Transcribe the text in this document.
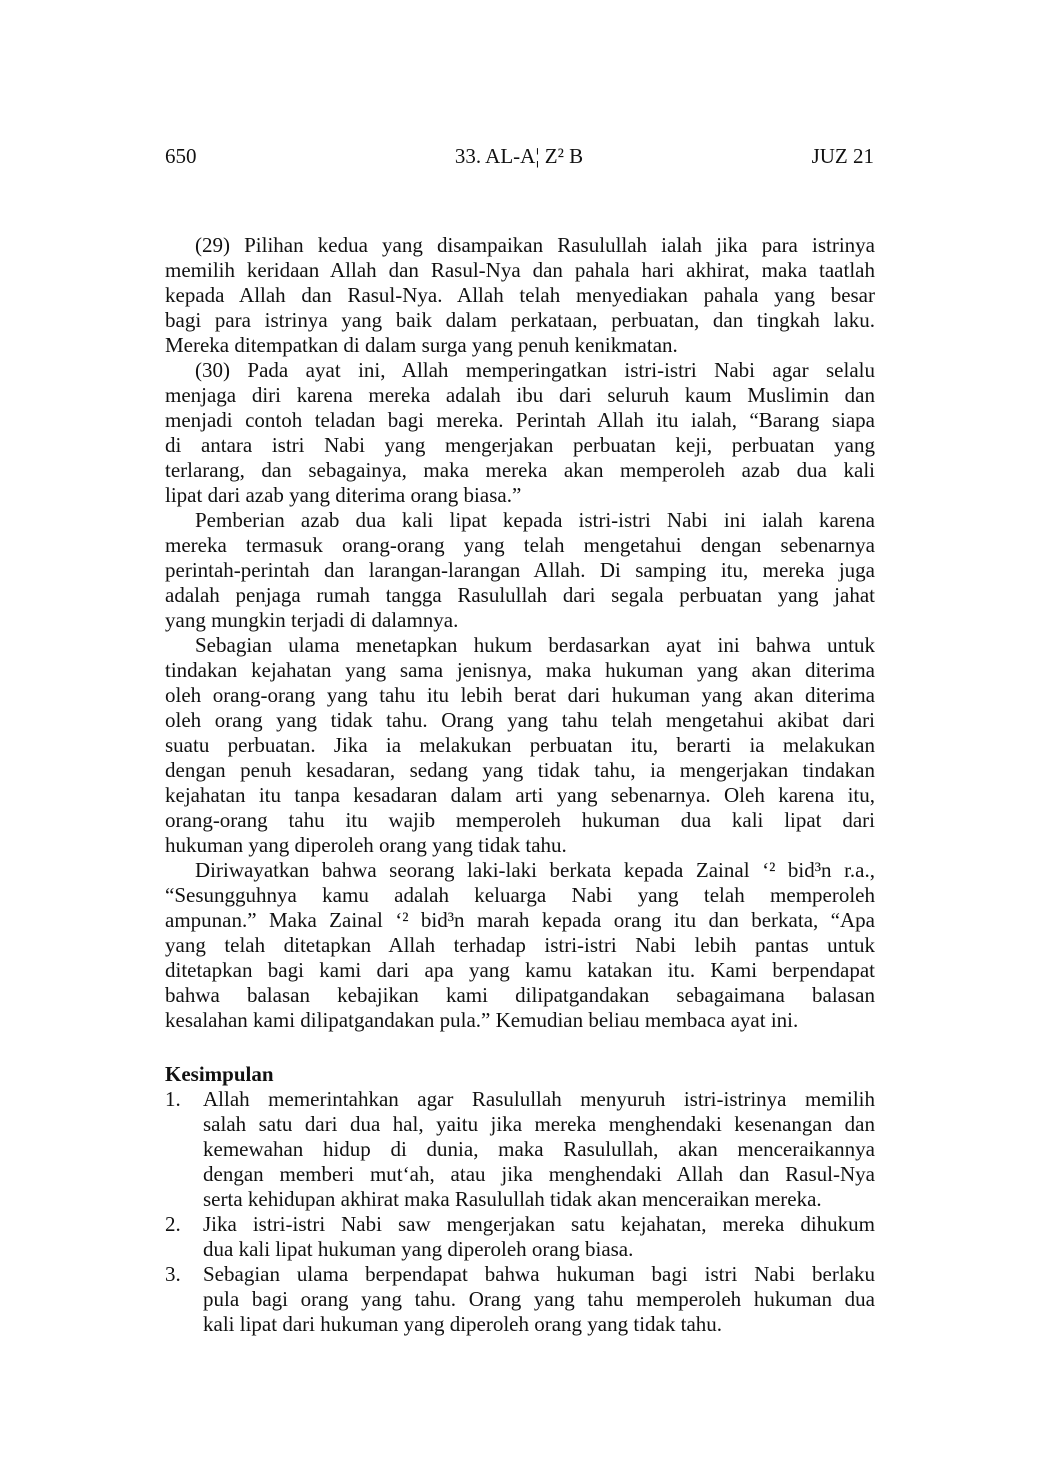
650	33. AL-A¦ Z² B	JUZ 21
(29) Pilihan kedua yang disampaikan Rasulullah ialah jika para istrinya
memilih keridaan Allah dan Rasul-Nya dan pahala hari akhirat, maka taatlah
kepada Allah dan Rasul-Nya. Allah telah menyediakan pahala yang besar
bagi para istrinya yang baik dalam perkataan, perbuatan, dan tingkah laku.
Mereka ditempatkan di dalam surga yang penuh kenikmatan.
(30) Pada ayat ini, Allah memperingatkan istri-istri Nabi agar selalu
menjaga diri karena mereka adalah ibu dari seluruh kaum Muslimin dan
menjadi contoh teladan bagi mereka. Perintah Allah itu ialah, “Barang siapa
di antara istri Nabi yang mengerjakan perbuatan keji, perbuatan yang
terlarang, dan sebagainya, maka mereka akan memperoleh azab dua kali
lipat dari azab yang diterima orang biasa.”
Pemberian azab dua kali lipat kepada istri-istri Nabi ini ialah karena
mereka termasuk orang-orang yang telah mengetahui dengan sebenarnya
perintah-perintah dan larangan-larangan Allah. Di samping itu, mereka juga
adalah penjaga rumah tangga Rasulullah dari segala perbuatan yang jahat
yang mungkin terjadi di dalamnya.
Sebagian ulama menetapkan hukum berdasarkan ayat ini bahwa untuk
tindakan kejahatan yang sama jenisnya, maka hukuman yang akan diterima
oleh orang-orang yang tahu itu lebih berat dari hukuman yang akan diterima
oleh orang yang tidak tahu. Orang yang tahu telah mengetahui akibat dari
suatu perbuatan. Jika ia melakukan perbuatan itu, berarti ia melakukan
dengan penuh kesadaran, sedang yang tidak tahu, ia mengerjakan tindakan
kejahatan itu tanpa kesadaran dalam arti yang sebenarnya. Oleh karena itu,
orang-orang tahu itu wajib memperoleh hukuman dua kali lipat dari
hukuman yang diperoleh orang yang tidak tahu.
Diriwayatkan bahwa seorang laki-laki berkata kepada Zainal ‘² bid³n r.a.,
“Sesungguhnya kamu adalah keluarga Nabi yang telah memperoleh
ampunan.” Maka Zainal ‘² bid³n marah kepada orang itu dan berkata, “Apa
yang telah ditetapkan Allah terhadap istri-istri Nabi lebih pantas untuk
ditetapkan bagi kami dari apa yang kamu katakan itu. Kami berpendapat
bahwa balasan kebajikan kami dilipatgandakan sebagaimana balasan
kesalahan kami dilipatgandakan pula.” Kemudian beliau membaca ayat ini.
Kesimpulan
1.	Allah memerintahkan agar Rasulullah menyuruh istri-istrinya memilih
salah satu dari dua hal, yaitu jika mereka menghendaki kesenangan dan
kemewahan hidup di dunia, maka Rasulullah, akan menceraikannya
dengan memberi mut‘ah, atau jika menghendaki Allah dan Rasul-Nya
serta kehidupan akhirat maka Rasulullah tidak akan menceraikan mereka.
2.	Jika istri-istri Nabi saw mengerjakan satu kejahatan, mereka dihukum
dua kali lipat hukuman yang diperoleh orang biasa.
3.	Sebagian ulama berpendapat bahwa hukuman bagi istri Nabi berlaku
pula bagi orang yang tahu. Orang yang tahu memperoleh hukuman dua
kali lipat dari hukuman yang diperoleh orang yang tidak tahu.
